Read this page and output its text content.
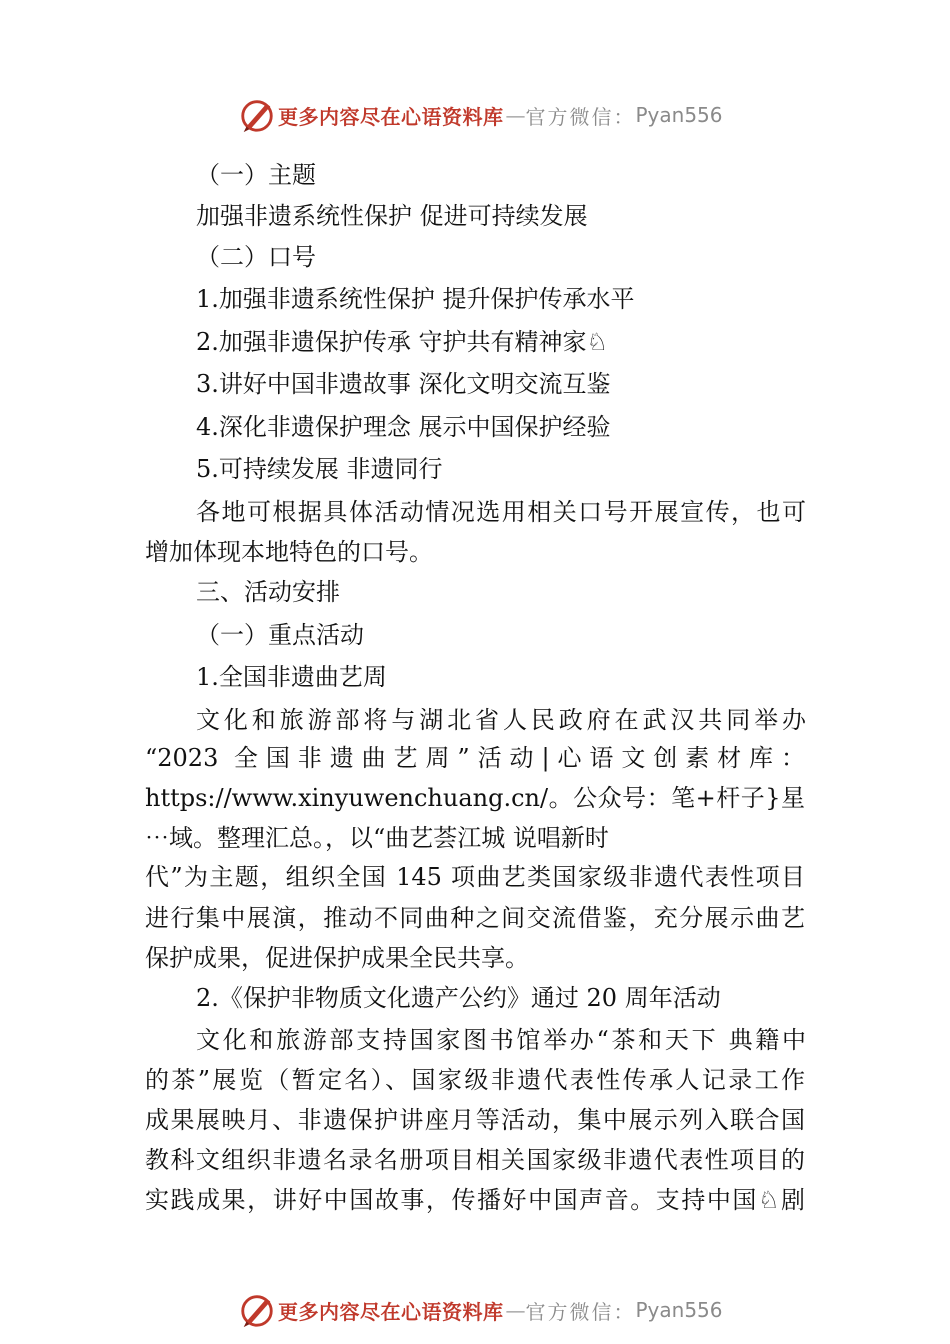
更多内容尽在心语资料库 — 官方微信： Pyan556
（一）主题
加强非遗系统性保护 促进可持续发展
（二）口号
1.加强非遗系统性保护 提升保护传承水平
2.加强非遗保护传承 守护共有精神家♘
3.讲好中国非遗故事 深化文明交流互鉴
4.深化非遗保护理念 展示中国保护经验
5.可持续发展 非遗同行
各地可根据具体活动情况选用相关口号开展宣传，也可
增加体现本地特色的口号。
三、活动安排
（一）重点活动
1.全国非遗曲艺周
文化和旅游部将与湖北省人民政府在武汉共同举办
“2023 全国非遗曲艺周”活动|心语文创素材库：
https://www.xinyuwenchuang.cn/。公众号：笔+杆子}星
⋯域。整理汇总。，以“曲艺荟江城 说唱新时
代”为主题，组织全国 145 项曲艺类国家级非遗代表性项目
进行集中展演，推动不同曲种之间交流借鉴，充分展示曲艺
保护成果，促进保护成果全民共享。
2.《保护非物质文化遗产公约》通过 20 周年活动
文化和旅游部支持国家图书馆举办“茶和天下 典籍中
的茶”展览（暂定名）、国家级非遗代表性传承人记录工作
成果展映月、非遗保护讲座月等活动，集中展示列入联合国
教科文组织非遗名录名册项目相关国家级非遗代表性项目的
实践成果，讲好中国故事，传播好中国声音。支持中国♘剧
更多内容尽在心语资料库 — 官方微信： Pyan556
